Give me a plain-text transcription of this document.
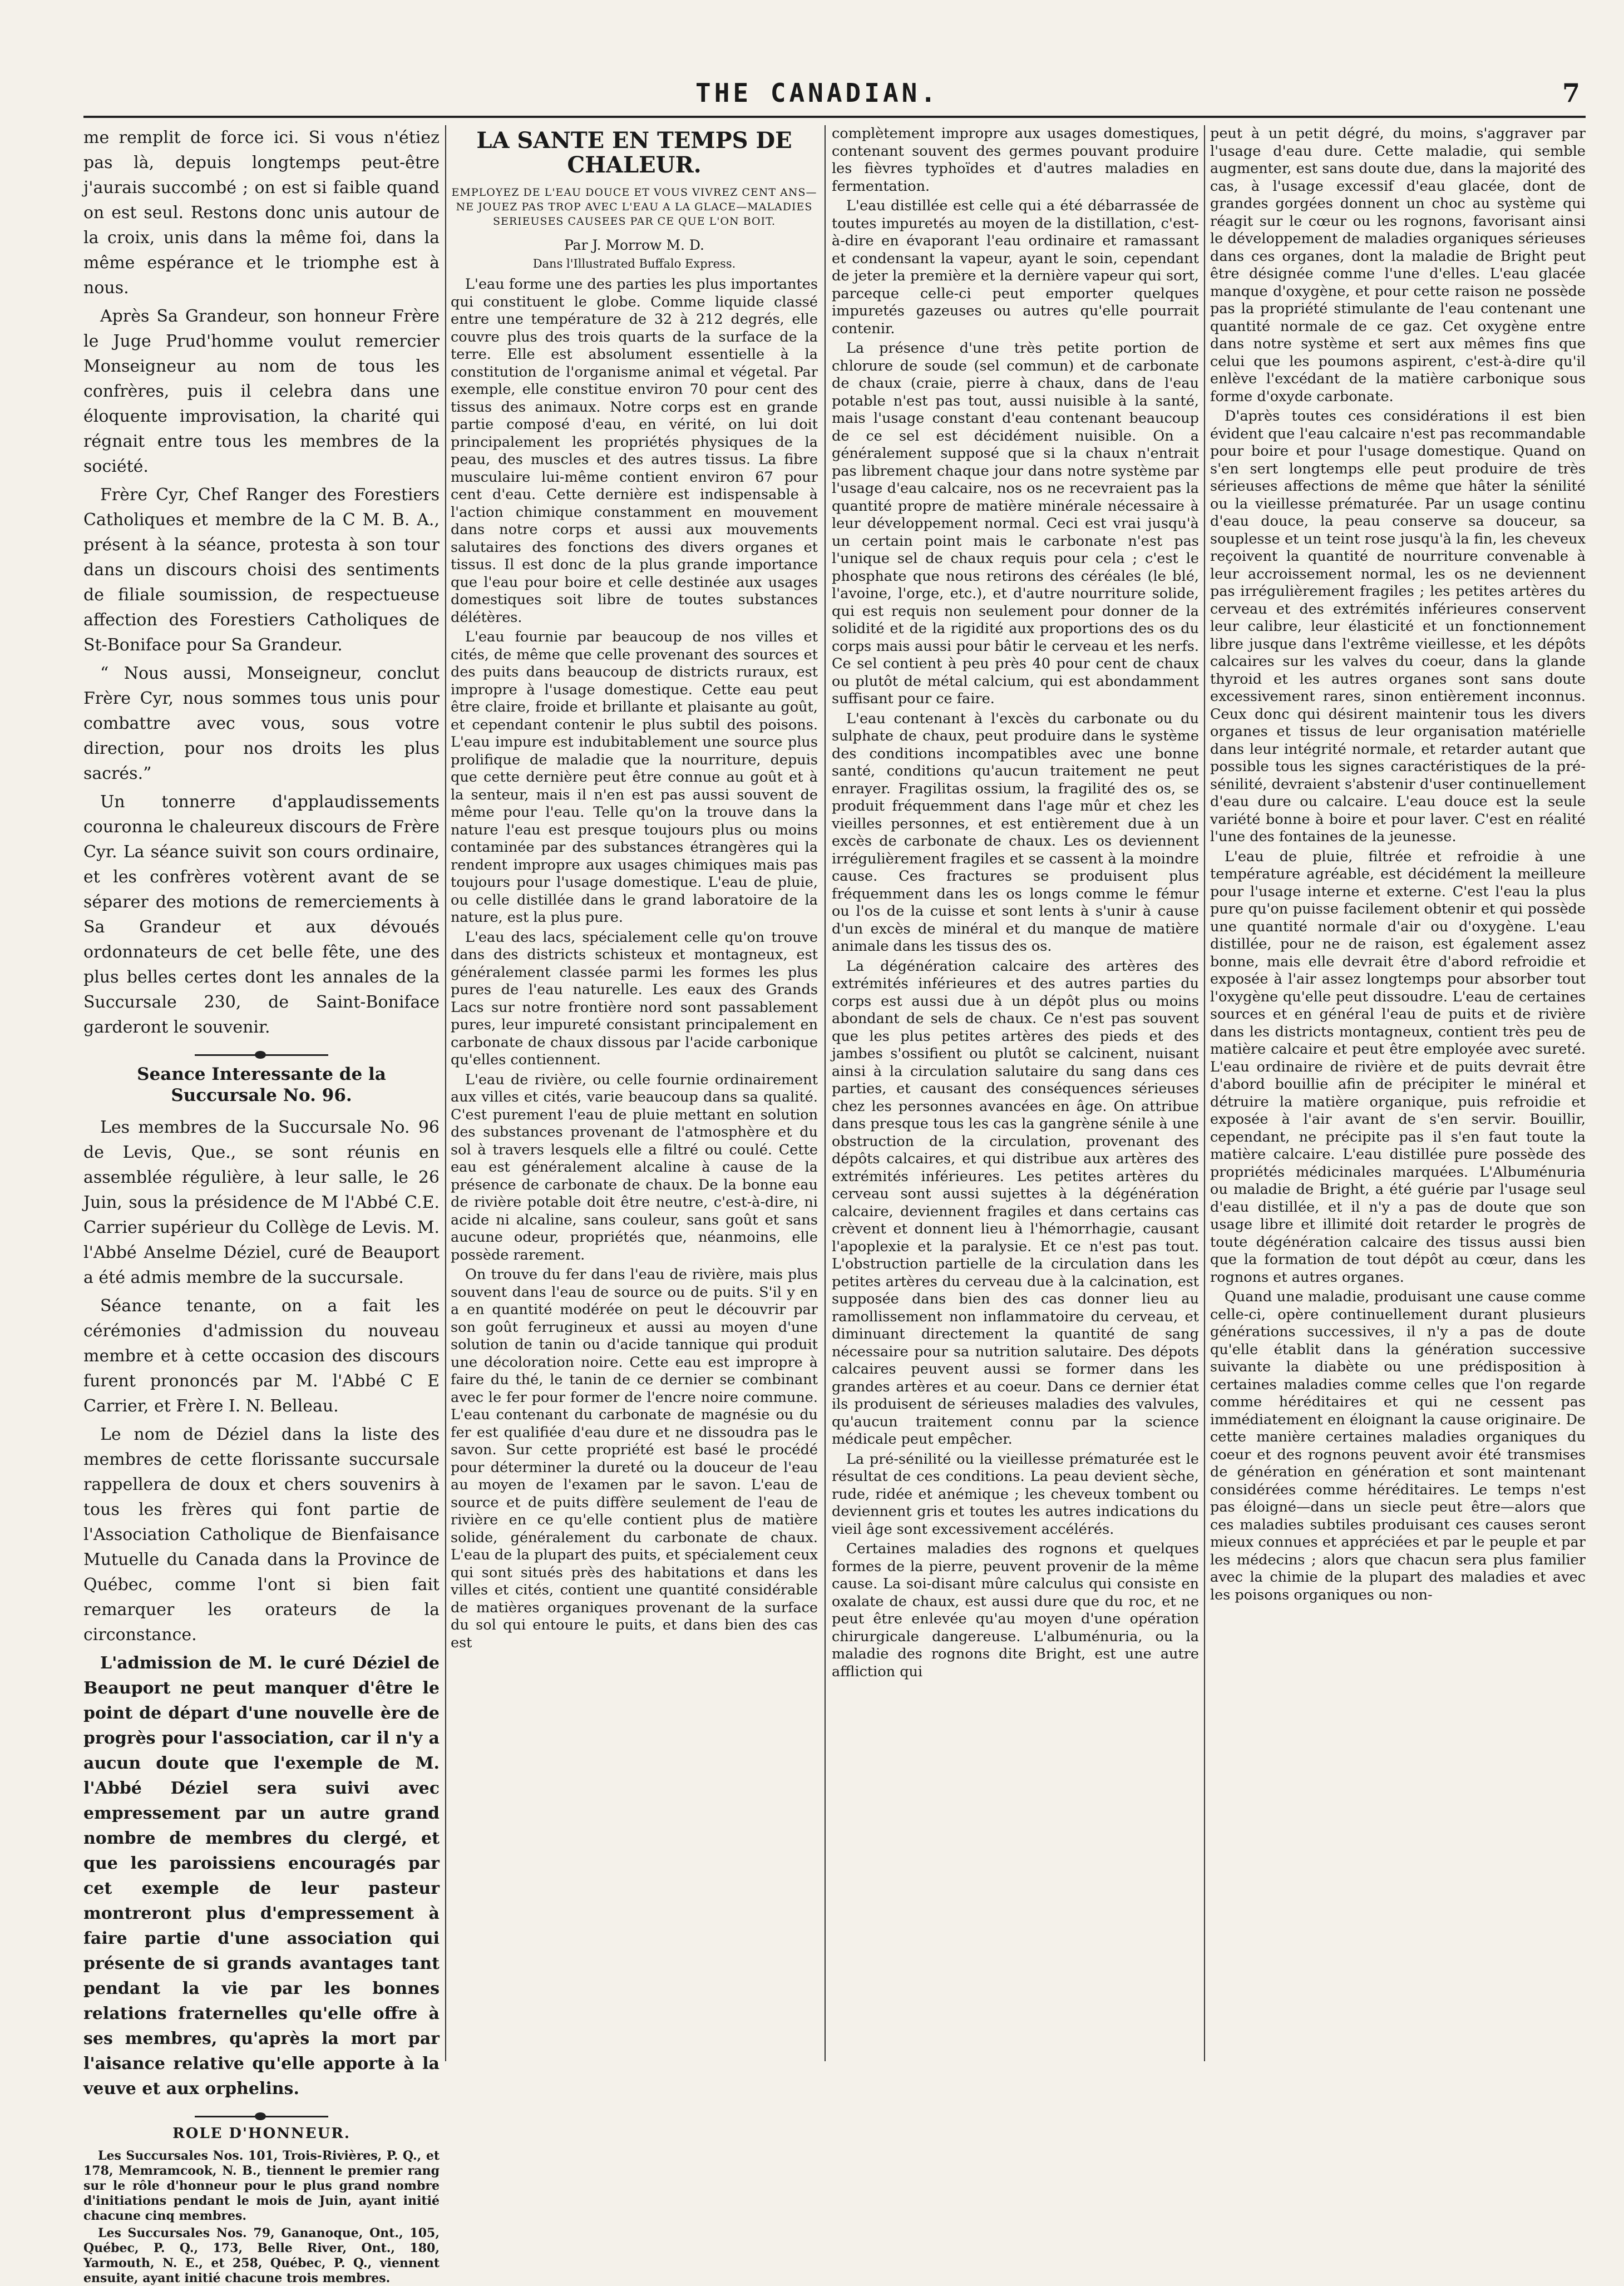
THE CANADIAN.	7

me remplit de force ici. Si vous n'étiez pas là, depuis longtemps peut-être j'aurais succombé ; on est si faible quand on est seul. Restons donc unis autour de la croix, unis dans la même foi, dans la même espérance et le triomphe est à nous.

Après Sa Grandeur, son honneur Frère le Juge Prud'homme voulut remercier Monseigneur au nom de tous les confrères, puis il celebra dans une éloquente improvisation, la charité qui régnait entre tous les membres de la société.

Frère Cyr, Chef Ranger des Forestiers Catholiques et membre de la C M. B. A., présent à la séance, protesta à son tour dans un discours choisi des sentiments de filiale soumission, de respectueuse affection des Forestiers Catholiques de St-Boniface pour Sa Grandeur.

“ Nous aussi, Monseigneur, conclut Frère Cyr, nous sommes tous unis pour combattre avec vous, sous votre direction, pour nos droits les plus sacrés.”

Un tonnerre d'applaudissements couronna le chaleureux discours de Frère Cyr. La séance suivit son cours ordinaire, et les confrères votèrent avant de se séparer des motions de remerciements à Sa Grandeur et aux dévoués ordonnateurs de cet belle fête, une des plus belles certes dont les annales de la Succursale 230, de Saint-Boniface garderont le souvenir.

Seance Interessante de la Succursale No. 96.

Les membres de la Succursale No. 96 de Levis, Que., se sont réunis en assemblée régulière, à leur salle, le 26 Juin, sous la présidence de M l'Abbé C.E. Carrier supérieur du Collège de Levis. M. l'Abbé Anselme Déziel, curé de Beauport a été admis membre de la succursale.

Séance tenante, on a fait les cérémonies d'admission du nouveau membre et à cette occasion des discours furent prononcés par M. l'Abbé C E Carrier, et Frère I. N. Belleau.

Le nom de Déziel dans la liste des membres de cette florissante succursale rappellera de doux et chers souvenirs à tous les frères qui font partie de l'Association Catholique de Bienfaisance Mutuelle du Canada dans la Province de Québec, comme l'ont si bien fait remarquer les orateurs de la circonstance.

L'admission de M. le curé Déziel de Beauport ne peut manquer d'être le point de départ d'une nouvelle ère de progrès pour l'association, car il n'y a aucun doute que l'exemple de M. l'Abbé Déziel sera suivi avec empressement par un autre grand nombre de membres du clergé, et que les paroissiens encouragés par cet exemple de leur pasteur montreront plus d'empressement à faire partie d'une association qui présente de si grands avantages tant pendant la vie par les bonnes relations fraternelles qu'elle offre à ses membres, qu'après la mort par l'aisance relative qu'elle apporte à la veuve et aux orphelins.

ROLE D'HONNEUR.

Les Succursales Nos. 101, Trois-Rivières, P. Q., et 178, Memramcook, N. B., tiennent le premier rang sur le rôle d'honneur pour le plus grand nombre d'initiations pendant le mois de Juin, ayant initié chacune cinq membres.

Les Succursales Nos. 79, Gananoque, Ont., 105, Québec, P. Q., 173, Belle River, Ont., 180, Yarmouth, N. E., et 258, Québec, P. Q., viennent ensuite, ayant initié chacune trois membres.

LA SANTE EN TEMPS DE CHALEUR.
EMPLOYEZ DE L'EAU DOUCE ET VOUS VIVREZ CENT ANS—NE JOUEZ PAS TROP AVEC L'EAU A LA GLACE—MALADIES SERIEUSES CAUSEES PAR CE QUE L'ON BOIT.
Par J. Morrow M. D.
Dans l'Illustrated Buffalo Express.

L'eau forme une des parties les plus importantes qui constituent le globe. Comme liquide classé entre une température de 32 à 212 degrés, elle couvre plus des trois quarts de la surface de la terre. Elle est absolument essentielle à la constitution de l'organisme animal et végetal. Par exemple, elle constitue environ 70 pour cent des tissus des animaux. Notre corps est en grande partie composé d'eau, en vérité, on lui doit principalement les propriétés physiques de la peau, des muscles et des autres tissus. La fibre musculaire lui-même contient environ 67 pour cent d'eau. Cette dernière est indispensable à l'action chimique constamment en mouvement dans notre corps et aussi aux mouvements salutaires des fonctions des divers organes et tissus. Il est donc de la plus grande importance que l'eau pour boire et celle destinée aux usages domestiques soit libre de toutes substances délétères.

L'eau fournie par beaucoup de nos villes et cités, de même que celle provenant des sources et des puits dans beaucoup de districts ruraux, est impropre à l'usage domestique. Cette eau peut être claire, froide et brillante et plaisante au goût, et cependant contenir le plus subtil des poisons. L'eau impure est indubitablement une source plus prolifique de maladie que la nourriture, depuis que cette dernière peut être connue au goût et à la senteur, mais il n'en est pas aussi souvent de même pour l'eau. Telle qu'on la trouve dans la nature l'eau est presque toujours plus ou moins contaminée par des substances étrangères qui la rendent impropre aux usages chimiques mais pas toujours pour l'usage domestique. L'eau de pluie, ou celle distillée dans le grand laboratoire de la nature, est la plus pure.

L'eau des lacs, spécialement celle qu'on trouve dans des districts schisteux et montagneux, est généralement classée parmi les formes les plus pures de l'eau naturelle. Les eaux des Grands Lacs sur notre frontière nord sont passablement pures, leur impureté consistant principalement en carbonate de chaux dissous par l'acide carbonique qu'elles contiennent.

L'eau de rivière, ou celle fournie ordinairement aux villes et cités, varie beaucoup dans sa qualité. C'est purement l'eau de pluie mettant en solution des substances provenant de l'atmosphère et du sol à travers lesquels elle a filtré ou coulé. Cette eau est généralement alcaline à cause de la présence de carbonate de chaux. De la bonne eau de rivière potable doit être neutre, c'est-à-dire, ni acide ni alcaline, sans couleur, sans goût et sans aucune odeur, propriétés que, néanmoins, elle possède rarement.

On trouve du fer dans l'eau de rivière, mais plus souvent dans l'eau de source ou de puits. S'il y en a en quantité modérée on peut le découvrir par son goût ferrugineux et aussi au moyen d'une solution de tanin ou d'acide tannique qui produit une décoloration noire. Cette eau est impropre à faire du thé, le tanin de ce dernier se combinant avec le fer pour former de l'encre noire commune. L'eau contenant du carbonate de magnésie ou du fer est qualifiée d'eau dure et ne dissoudra pas le savon. Sur cette propriété est basé le procédé pour déterminer la dureté ou la douceur de l'eau au moyen de l'examen par le savon. L'eau de source et de puits diffère seulement de l'eau de rivière en ce qu'elle contient plus de matière solide, généralement du carbonate de chaux. L'eau de la plupart des puits, et spécialement ceux qui sont situés près des habitations et dans les villes et cités, contient une quantité considérable de matières organiques provenant de la surface du sol qui entoure le puits, et dans bien des cas est

complètement impropre aux usages domestiques, contenant souvent des germes pouvant produire les fièvres typhoïdes et d'autres maladies en fermentation.

L'eau distillée est celle qui a été débarrassée de toutes impuretés au moyen de la distillation, c'est-à-dire en évaporant l'eau ordinaire et ramassant et condensant la vapeur, ayant le soin, cependant de jeter la première et la dernière vapeur qui sort, parceque celle-ci peut emporter quelques impuretés gazeuses ou autres qu'elle pourrait contenir.

La présence d'une très petite portion de chlorure de soude (sel commun) et de carbonate de chaux (craie, pierre à chaux, dans de l'eau potable n'est pas tout, aussi nuisible à la santé, mais l'usage constant d'eau contenant beaucoup de ce sel est décidément nuisible. On a généralement supposé que si la chaux n'entrait pas librement chaque jour dans notre système par l'usage d'eau calcaire, nos os ne recevraient pas la quantité propre de matière minérale nécessaire à leur développement normal. Ceci est vrai jusqu'à un certain point mais le carbonate n'est pas l'unique sel de chaux requis pour cela ; c'est le phosphate que nous retirons des céréales (le blé, l'avoine, l'orge, etc.), et d'autre nourriture solide, qui est requis non seulement pour donner de la solidité et de la rigidité aux proportions des os du corps mais aussi pour bâtir le cerveau et les nerfs. Ce sel contient à peu près 40 pour cent de chaux ou plutôt de métal calcium, qui est abondamment suffisant pour ce faire.

L'eau contenant à l'excès du carbonate ou du sulphate de chaux, peut produire dans le système des conditions incompatibles avec une bonne santé, conditions qu'aucun traitement ne peut enrayer. Fragilitas ossium, la fragilité des os, se produit fréquemment dans l'age mûr et chez les vieilles personnes, et est entièrement due à un excès de carbonate de chaux. Les os deviennent irrégulièrement fragiles et se cassent à la moindre cause. Ces fractures se produisent plus fréquemment dans les os longs comme le fémur ou l'os de la cuisse et sont lents à s'unir à cause d'un excès de minéral et du manque de matière animale dans les tissus des os.

La dégénération calcaire des artères des extrémités inférieures et des autres parties du corps est aussi due à un dépôt plus ou moins abondant de sels de chaux. Ce n'est pas souvent que les plus petites artères des pieds et des jambes s'ossifient ou plutôt se calcinent, nuisant ainsi à la circulation salutaire du sang dans ces parties, et causant des conséquences sérieuses chez les personnes avancées en âge. On attribue dans presque tous les cas la gangrène sénile à une obstruction de la circulation, provenant des dépôts calcaires, et qui distribue aux artères des extrémités inférieures. Les petites artères du cerveau sont aussi sujettes à la dégénération calcaire, deviennent fragiles et dans certains cas crèvent et donnent lieu à l'hémorrhagie, causant l'apoplexie et la paralysie. Et ce n'est pas tout. L'obstruction partielle de la circulation dans les petites artères du cerveau due à la calcination, est supposée dans bien des cas donner lieu au ramollissement non inflammatoire du cerveau, et diminuant directement la quantité de sang nécessaire pour sa nutrition salutaire. Des dépots calcaires peuvent aussi se former dans les grandes artères et au coeur. Dans ce dernier état ils produisent de sérieuses maladies des valvules, qu'aucun traitement connu par la science médicale peut empêcher.

La pré-sénilité ou la vieillesse prématurée est le résultat de ces conditions. La peau devient sèche, rude, ridée et anémique ; les cheveux tombent ou deviennent gris et toutes les autres indications du vieil âge sont excessivement accélérés.

Certaines maladies des rognons et quelques formes de la pierre, peuvent provenir de la même cause. La soi-disant mûre calculus qui consiste en oxalate de chaux, est aussi dure que du roc, et ne peut être enlevée qu'au moyen d'une opération chirurgicale dangereuse. L'albuménuria, ou la maladie des rognons dite Bright, est une autre affliction qui

peut à un petit dégré, du moins, s'aggraver par l'usage d'eau dure. Cette maladie, qui semble augmenter, est sans doute due, dans la majorité des cas, à l'usage excessif d'eau glacée, dont de grandes gorgées donnent un choc au système qui réagit sur le cœur ou les rognons, favorisant ainsi le développement de maladies organiques sérieuses dans ces organes, dont la maladie de Bright peut être désignée comme l'une d'elles. L'eau glacée manque d'oxygène, et pour cette raison ne possède pas la propriété stimulante de l'eau contenant une quantité normale de ce gaz. Cet oxygène entre dans notre système et sert aux mêmes fins que celui que les poumons aspirent, c'est-à-dire qu'il enlève l'excédant de la matière carbonique sous forme d'oxyde carbonate.

D'après toutes ces considérations il est bien évident que l'eau calcaire n'est pas recommandable pour boire et pour l'usage domestique. Quand on s'en sert longtemps elle peut produire de très sérieuses affections de même que hâter la sénilité ou la vieillesse prématurée. Par un usage continu d'eau douce, la peau conserve sa douceur, sa souplesse et un teint rose jusqu'à la fin, les cheveux reçoivent la quantité de nourriture convenable à leur accroissement normal, les os ne deviennent pas irrégulièrement fragiles ; les petites artères du cerveau et des extrémités inférieures conservent leur calibre, leur élasticité et un fonctionnement libre jusque dans l'extrême vieillesse, et les dépôts calcaires sur les valves du coeur, dans la glande thyroid et les autres organes sont sans doute excessivement rares, sinon entièrement inconnus. Ceux donc qui désirent maintenir tous les divers organes et tissus de leur organisation matérielle dans leur intégrité normale, et retarder autant que possible tous les signes caractéristiques de la pré-sénilité, devraient s'abstenir d'user continuellement d'eau dure ou calcaire. L'eau douce est la seule variété bonne à boire et pour laver. C'est en réalité l'une des fontaines de la jeunesse.

L'eau de pluie, filtrée et refroidie à une température agréable, est décidément la meilleure pour l'usage interne et externe. C'est l'eau la plus pure qu'on puisse facilement obtenir et qui possède une quantité normale d'air ou d'oxygène. L'eau distillée, pour ne de raison, est également assez bonne, mais elle devrait être d'abord refroidie et exposée à l'air assez longtemps pour absorber tout l'oxygène qu'elle peut dissoudre. L'eau de certaines sources et en général l'eau de puits et de rivière dans les districts montagneux, contient très peu de matière calcaire et peut être employée avec sureté. L'eau ordinaire de rivière et de puits devrait être d'abord bouillie afin de précipiter le minéral et détruire la matière organique, puis refroidie et exposée à l'air avant de s'en servir. Bouillir, cependant, ne précipite pas il s'en faut toute la matière calcaire. L'eau distillée pure possède des propriétés médicinales marquées. L'Albuménuria ou maladie de Bright, a été guérie par l'usage seul d'eau distillée, et il n'y a pas de doute que son usage libre et illimité doit retarder le progrès de toute dégénération calcaire des tissus aussi bien que la formation de tout dépôt au cœur, dans les rognons et autres organes.

Quand une maladie, produisant une cause comme celle-ci, opère continuellement durant plusieurs générations successives, il n'y a pas de doute qu'elle établit dans la génération successive suivante la diabète ou une prédisposition à certaines maladies comme celles que l'on regarde comme héréditaires et qui ne cessent pas immédiatement en éloignant la cause originaire. De cette manière certaines maladies organiques du coeur et des rognons peuvent avoir été transmises de génération en génération et sont maintenant considérées comme héréditaires. Le temps n'est pas éloigné—dans un siecle peut être—alors que ces maladies subtiles produisant ces causes seront mieux connues et appréciées et par le peuple et par les médecins ; alors que chacun sera plus familier avec la chimie de la plupart des maladies et avec les poisons organiques ou non-
